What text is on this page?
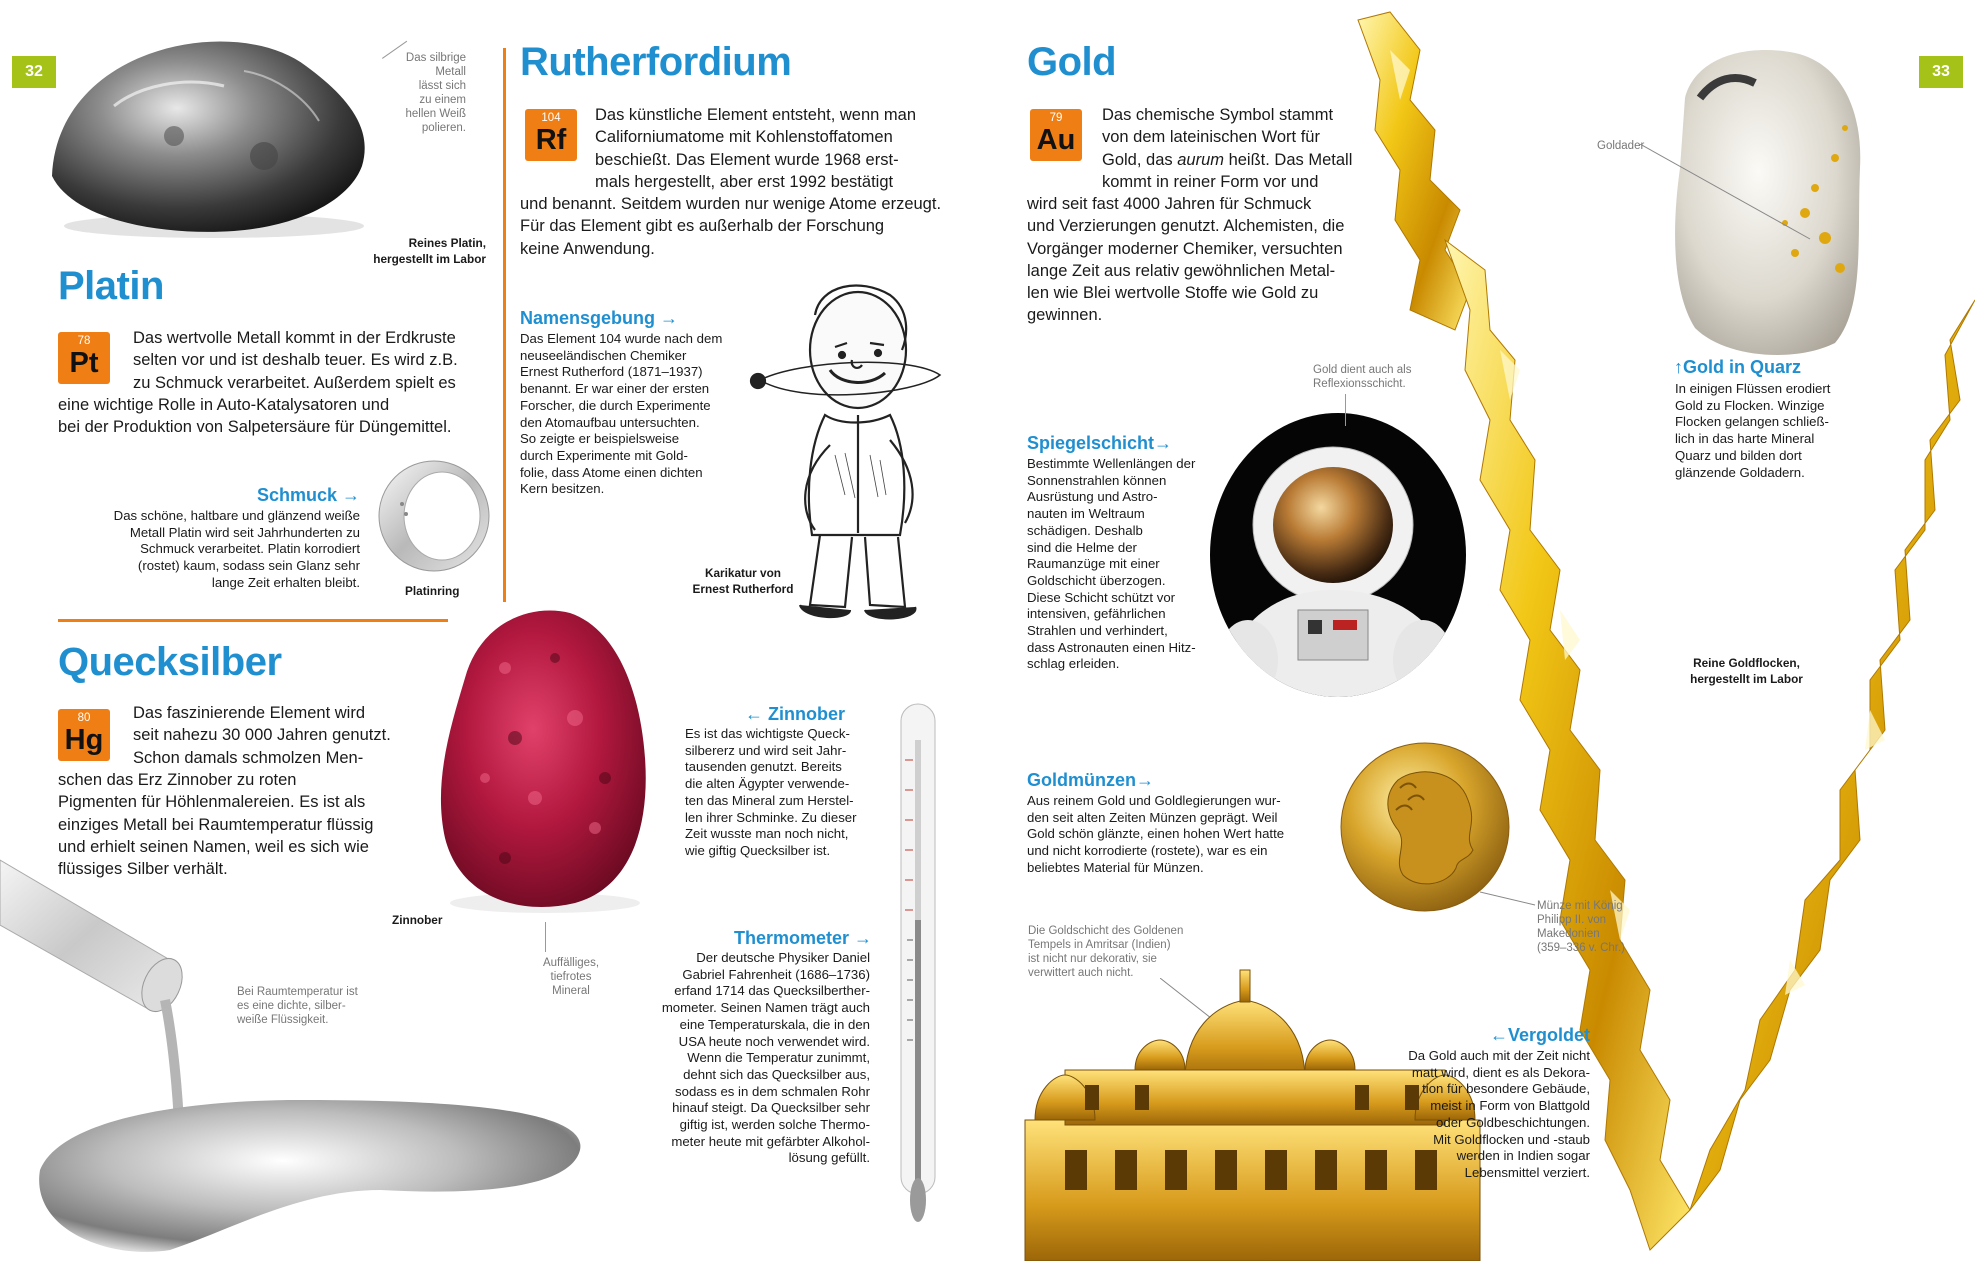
32	33
Das silbrige
Metall
lässt sich
zu einem
hellen Weiß
polieren.
Reines Platin,
hergestellt im Labor
Platin
78
Pt
Das wertvolle Metall kommt in der Erdkruste
selten vor und ist deshalb teuer. Es wird z.B.
zu Schmuck verarbeitet. Außerdem spielt es
eine wichtige Rolle in Auto-Katalysatoren und
bei der Produktion von Salpetersäure für Düngemittel.
Schmuck →
Das schöne, haltbare und glänzend weiße
Metall Platin wird seit Jahrhunderten zu
Schmuck verarbeitet. Platin korrodiert
(rostet) kaum, sodass sein Glanz sehr
lange Zeit erhalten bleibt.
Platinring
Rutherfordium
104
Rf
Das künstliche Element entsteht, wenn man
Californiumatome mit Kohlenstoffatomen
beschießt. Das Element wurde 1968 erst-
mals hergestellt, aber erst 1992 bestätigt
und benannt. Seitdem wurden nur wenige Atome erzeugt.
Für das Element gibt es außerhalb der Forschung
keine Anwendung.
Namensgebung →
Das Element 104 wurde nach dem
neuseeländischen Chemiker
Ernest Rutherford (1871–1937)
benannt. Er war einer der ersten
Forscher, die durch Experimente
den Atomaufbau untersuchten.
So zeigte er beispielsweise
durch Experimente mit Gold-
folie, dass Atome einen dichten
Kern besitzen.
Karikatur von
Ernest Rutherford
Quecksilber
80
Hg
Das faszinierende Element wird
seit nahezu 30 000 Jahren genutzt.
Schon damals schmolzen Men-
schen das Erz Zinnober zu roten
Pigmenten für Höhlenmalereien. Es ist als
einziges Metall bei Raumtemperatur flüssig
und erhielt seinen Namen, weil es sich wie
flüssiges Silber verhält.
Bei Raumtemperatur ist
es eine dichte, silber-
weiße Flüssigkeit.
Zinnober
Auffälliges,
tiefrotes
Mineral
← Zinnober
Es ist das wichtigste Queck-
silbererz und wird seit Jahr-
tausenden genutzt. Bereits
die alten Ägypter verwende-
ten das Mineral zum Herstel-
len ihrer Schminke. Zu dieser
Zeit wusste man noch nicht,
wie giftig Quecksilber ist.
Thermometer →
Der deutsche Physiker Daniel
Gabriel Fahrenheit (1686–1736)
erfand 1714 das Quecksilberther-
mometer. Seinen Namen trägt auch
eine Temperaturskala, die in den
USA heute noch verwendet wird.
Wenn die Temperatur zunimmt,
dehnt sich das Quecksilber aus,
sodass es in dem schmalen Rohr
hinauf steigt. Da Quecksilber sehr
giftig ist, werden solche Thermo-
meter heute mit gefärbter Alkohol-
lösung gefüllt.
Gold
79
Au
Das chemische Symbol stammt
von dem lateinischen Wort für
Gold, das aurum heißt. Das Metall
kommt in reiner Form vor und
wird seit fast 4000 Jahren für Schmuck
und Verzierungen genutzt. Alchemisten, die
Vorgänger moderner Chemiker, versuchten
lange Zeit aus relativ gewöhnlichen Metal-
len wie Blei wertvolle Stoffe wie Gold zu
gewinnen.
Goldader
↑Gold in Quarz
In einigen Flüssen erodiert
Gold zu Flocken. Winzige
Flocken gelangen schließ-
lich in das harte Mineral
Quarz und bilden dort
glänzende Goldadern.
Reine Goldflocken,
hergestellt im Labor
Gold dient auch als
Reflexionsschicht.
Spiegelschicht→
Bestimmte Wellenlängen der
Sonnenstrahlen können
Ausrüstung und Astro-
nauten im Weltraum
schädigen. Deshalb
sind die Helme der
Raumanzüge mit einer
Goldschicht überzogen.
Diese Schicht schützt vor
intensiven, gefährlichen
Strahlen und verhindert,
dass Astronauten einen Hitz-
schlag erleiden.
Goldmünzen→
Aus reinem Gold und Goldlegierungen wur-
den seit alten Zeiten Münzen geprägt. Weil
Gold schön glänzte, einen hohen Wert hatte
und nicht korrodierte (rostete), war es ein
beliebtes Material für Münzen.
Münze mit König
Philipp II. von
Makedonien
(359–336 v. Chr.)
Die Goldschicht des Goldenen
Tempels in Amritsar (Indien)
ist nicht nur dekorativ, sie
verwittert auch nicht.
←Vergoldet
Da Gold auch mit der Zeit nicht
matt wird, dient es als Dekora-
tion für besondere Gebäude,
meist in Form von Blattgold
oder Goldbeschichtungen.
Mit Goldflocken und -staub
werden in Indien sogar
Lebensmittel verziert.
